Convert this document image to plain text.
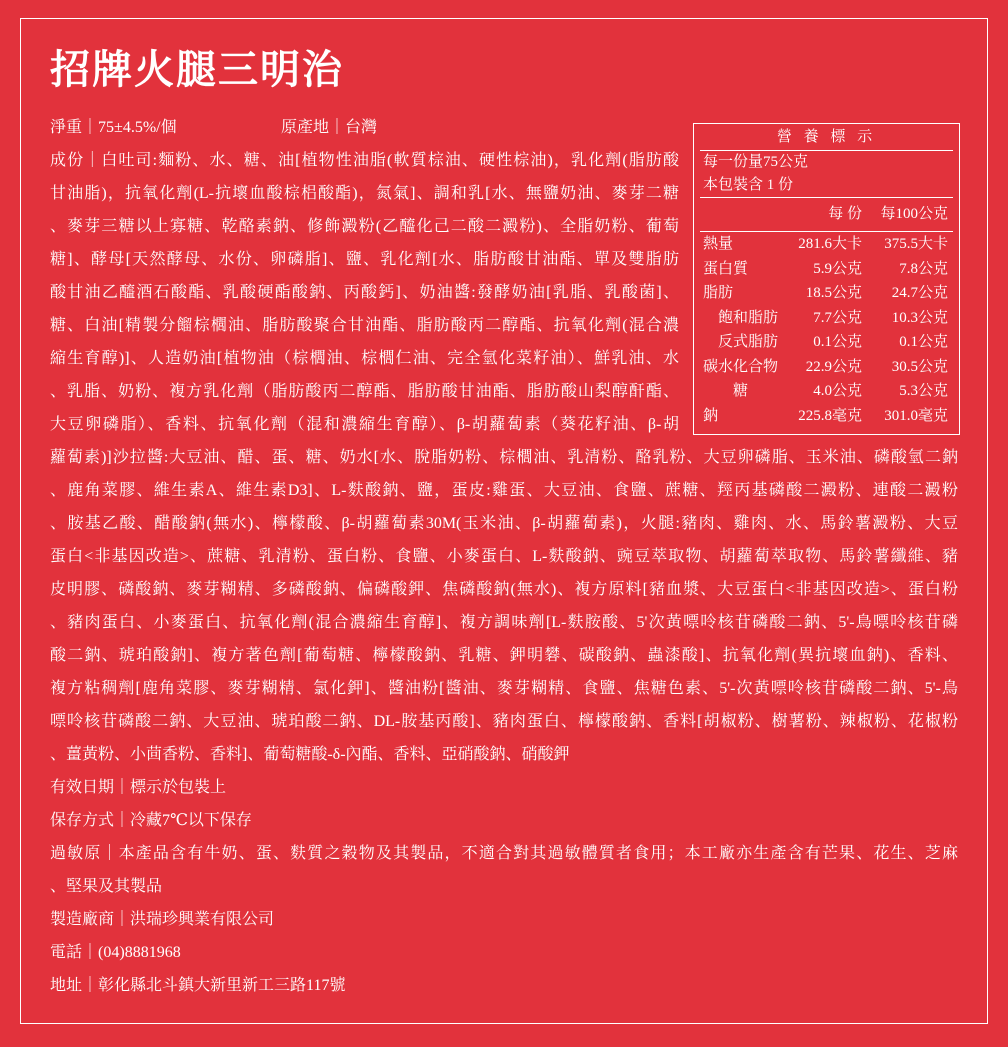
招牌火腿三明治
淨重｜75±4.5%/個	原產地｜台灣
成份｜白吐司:麵粉、水、糖、油[植物性油脂(軟質棕油、硬性棕油)，乳化劑(脂肪酸
甘油脂)，抗氧化劑(L-抗壞血酸棕梠酸酯)，氮氣]、調和乳[水、無鹽奶油、麥芽二糖
、麥芽三糖以上寡糖、乾酪素鈉、修飾澱粉(乙醯化己二酸二澱粉)、全脂奶粉、葡萄
糖]、酵母[天然酵母、水份、卵磷脂]、鹽、乳化劑[水、脂肪酸甘油酯、單及雙脂肪
酸甘油乙醯酒石酸酯、乳酸硬酯酸鈉、丙酸鈣]、奶油醬:發酵奶油[乳脂、乳酸菌]、
糖、白油[精製分餾棕櫚油、脂肪酸聚合甘油酯、脂肪酸丙二醇酯、抗氧化劑(混合濃
縮生育醇)]、人造奶油[植物油（棕櫚油、棕櫚仁油、完全氫化菜籽油）、鮮乳油、水
、乳脂、奶粉、複方乳化劑（脂肪酸丙二醇酯、脂肪酸甘油酯、脂肪酸山梨醇酐酯、
大豆卵磷脂）、香料、抗氧化劑（混和濃縮生育醇）、β-胡蘿蔔素（葵花籽油、β-胡
蘿蔔素)]沙拉醬:大豆油、醋、蛋、糖、奶水[水、脫脂奶粉、棕櫚油、乳清粉、酪乳粉、大豆卵磷脂、玉米油、磷酸氫二鈉
、鹿角菜膠、維生素A、維生素D3]、L-麩酸鈉、鹽，蛋皮:雞蛋、大豆油、食鹽、蔗糖、羥丙基磷酸二澱粉、連酸二澱粉
、胺基乙酸、醋酸鈉(無水)、檸檬酸、β-胡蘿蔔素30M(玉米油、β-胡蘿蔔素)，火腿:豬肉、雞肉、水、馬鈴薯澱粉、大豆
蛋白<非基因改造>、蔗糖、乳清粉、蛋白粉、食鹽、小麥蛋白、L-麩酸鈉、豌豆萃取物、胡蘿蔔萃取物、馬鈴薯纖維、豬
皮明膠、磷酸鈉、麥芽糊精、多磷酸鈉、偏磷酸鉀、焦磷酸鈉(無水)、複方原料[豬血漿、大豆蛋白<非基因改造>、蛋白粉
、豬肉蛋白、小麥蛋白、抗氧化劑(混合濃縮生育醇]、複方調味劑[L-麩胺酸、5'次黃嘌呤核苷磷酸二鈉、5'-鳥嘌呤核苷磷
酸二鈉、琥珀酸鈉]、複方著色劑[葡萄糖、檸檬酸鈉、乳糖、鉀明礬、碳酸鈉、蟲漆酸]、抗氧化劑(異抗壞血鈉)、香料、
複方粘稠劑[鹿角菜膠、麥芽糊精、氯化鉀]、醬油粉[醬油、麥芽糊精、食鹽、焦糖色素、5'-次黃嘌呤核苷磷酸二鈉、5'-鳥
嘌呤核苷磷酸二鈉、大豆油、琥珀酸二鈉、DL-胺基丙酸]、豬肉蛋白、檸檬酸鈉、香料[胡椒粉、樹薯粉、辣椒粉、花椒粉
、薑黃粉、小茴香粉、香料]、葡萄糖酸-δ-內酯、香料、亞硝酸鈉、硝酸鉀
有效日期｜標示於包裝上
保存方式｜冷藏7℃以下保存
過敏原｜本產品含有牛奶、蛋、麩質之穀物及其製品，不適合對其過敏體質者食用；本工廠亦生產含有芒果、花生、芝麻
、堅果及其製品
製造廠商｜洪瑞珍興業有限公司
電話｜(04)8881968
地址｜彰化縣北斗鎮大新里新工三路117號
營 養 標 示
每一份量75公克
本包裝含 1 份
每 份 每100公克
熱量	281.6大卡 375.5大卡
蛋白質	5.9公克 7.8公克
脂肪	18.5公克 24.7公克
飽和脂肪 7.7公克 10.3公克
反式脂肪 0.1公克 0.1公克
碳水化合物 22.9公克 30.5公克
糖	4.0公克 5.3公克
鈉	225.8毫克 301.0毫克
